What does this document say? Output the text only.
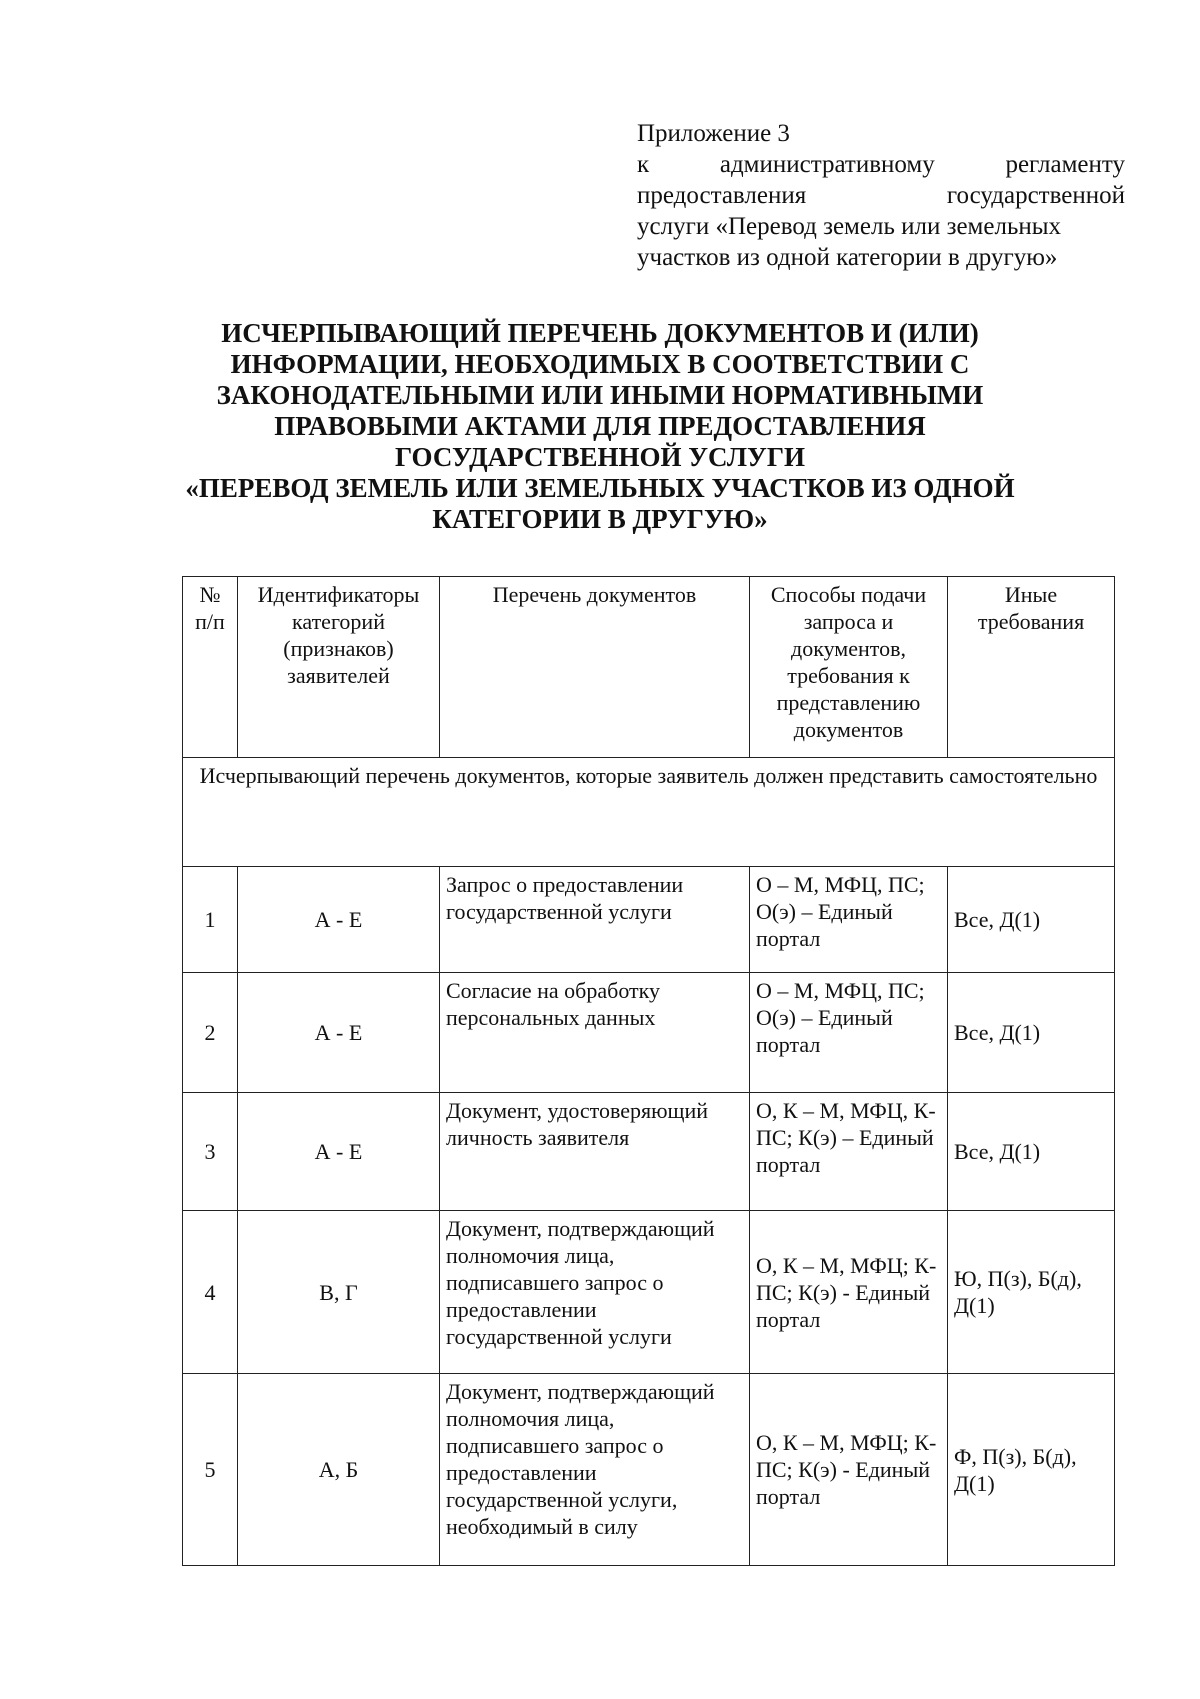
Приложение 3
к административному регламенту
предоставления государственной
услуги «Перевод земель или земельных
участков из одной категории в другую»
ИСЧЕРПЫВАЮЩИЙ ПЕРЕЧЕНЬ ДОКУМЕНТОВ И (ИЛИ)
ИНФОРМАЦИИ, НЕОБХОДИМЫХ В СООТВЕТСТВИИ С
ЗАКОНОДАТЕЛЬНЫМИ ИЛИ ИНЫМИ НОРМАТИВНЫМИ
ПРАВОВЫМИ АКТАМИ ДЛЯ ПРЕДОСТАВЛЕНИЯ
ГОСУДАРСТВЕННОЙ УСЛУГИ
«ПЕРЕВОД ЗЕМЕЛЬ ИЛИ ЗЕМЕЛЬНЫХ УЧАСТКОВ ИЗ ОДНОЙ
КАТЕГОРИИ В ДРУГУЮ»
№ п/п	Идентификаторы категорий (признаков) заявителей	Перечень документов	Способы подачи запроса и документов, требования к представлению документов	Иные требования
Исчерпывающий перечень документов, которые заявитель должен представить самостоятельно				
1	А - Е	Запрос о предоставлении государственной услуги	О – М, МФЦ, ПС; О(э) – Единый портал	Все, Д(1)
2	А - Е	Согласие на обработку персональных данных	О – М, МФЦ, ПС; О(э) – Единый портал	Все, Д(1)
3	А - Е	Документ, удостоверяющий личность заявителя	О, К – М, МФЦ, К-ПС; К(э) – Единый портал	Все, Д(1)
4	В, Г	Документ, подтверждающий полномочия лица, подписавшего запрос о предоставлении государственной услуги	О, К – М, МФЦ; К-ПС; К(э) - Единый портал	Ю, П(з), Б(д), Д(1)
5	А, Б	Документ, подтверждающий полномочия лица, подписавшего запрос о предоставлении государственной услуги, необходимый в силу	О, К – М, МФЦ; К-ПС; К(э) - Единый портал	Ф, П(з), Б(д), Д(1)
